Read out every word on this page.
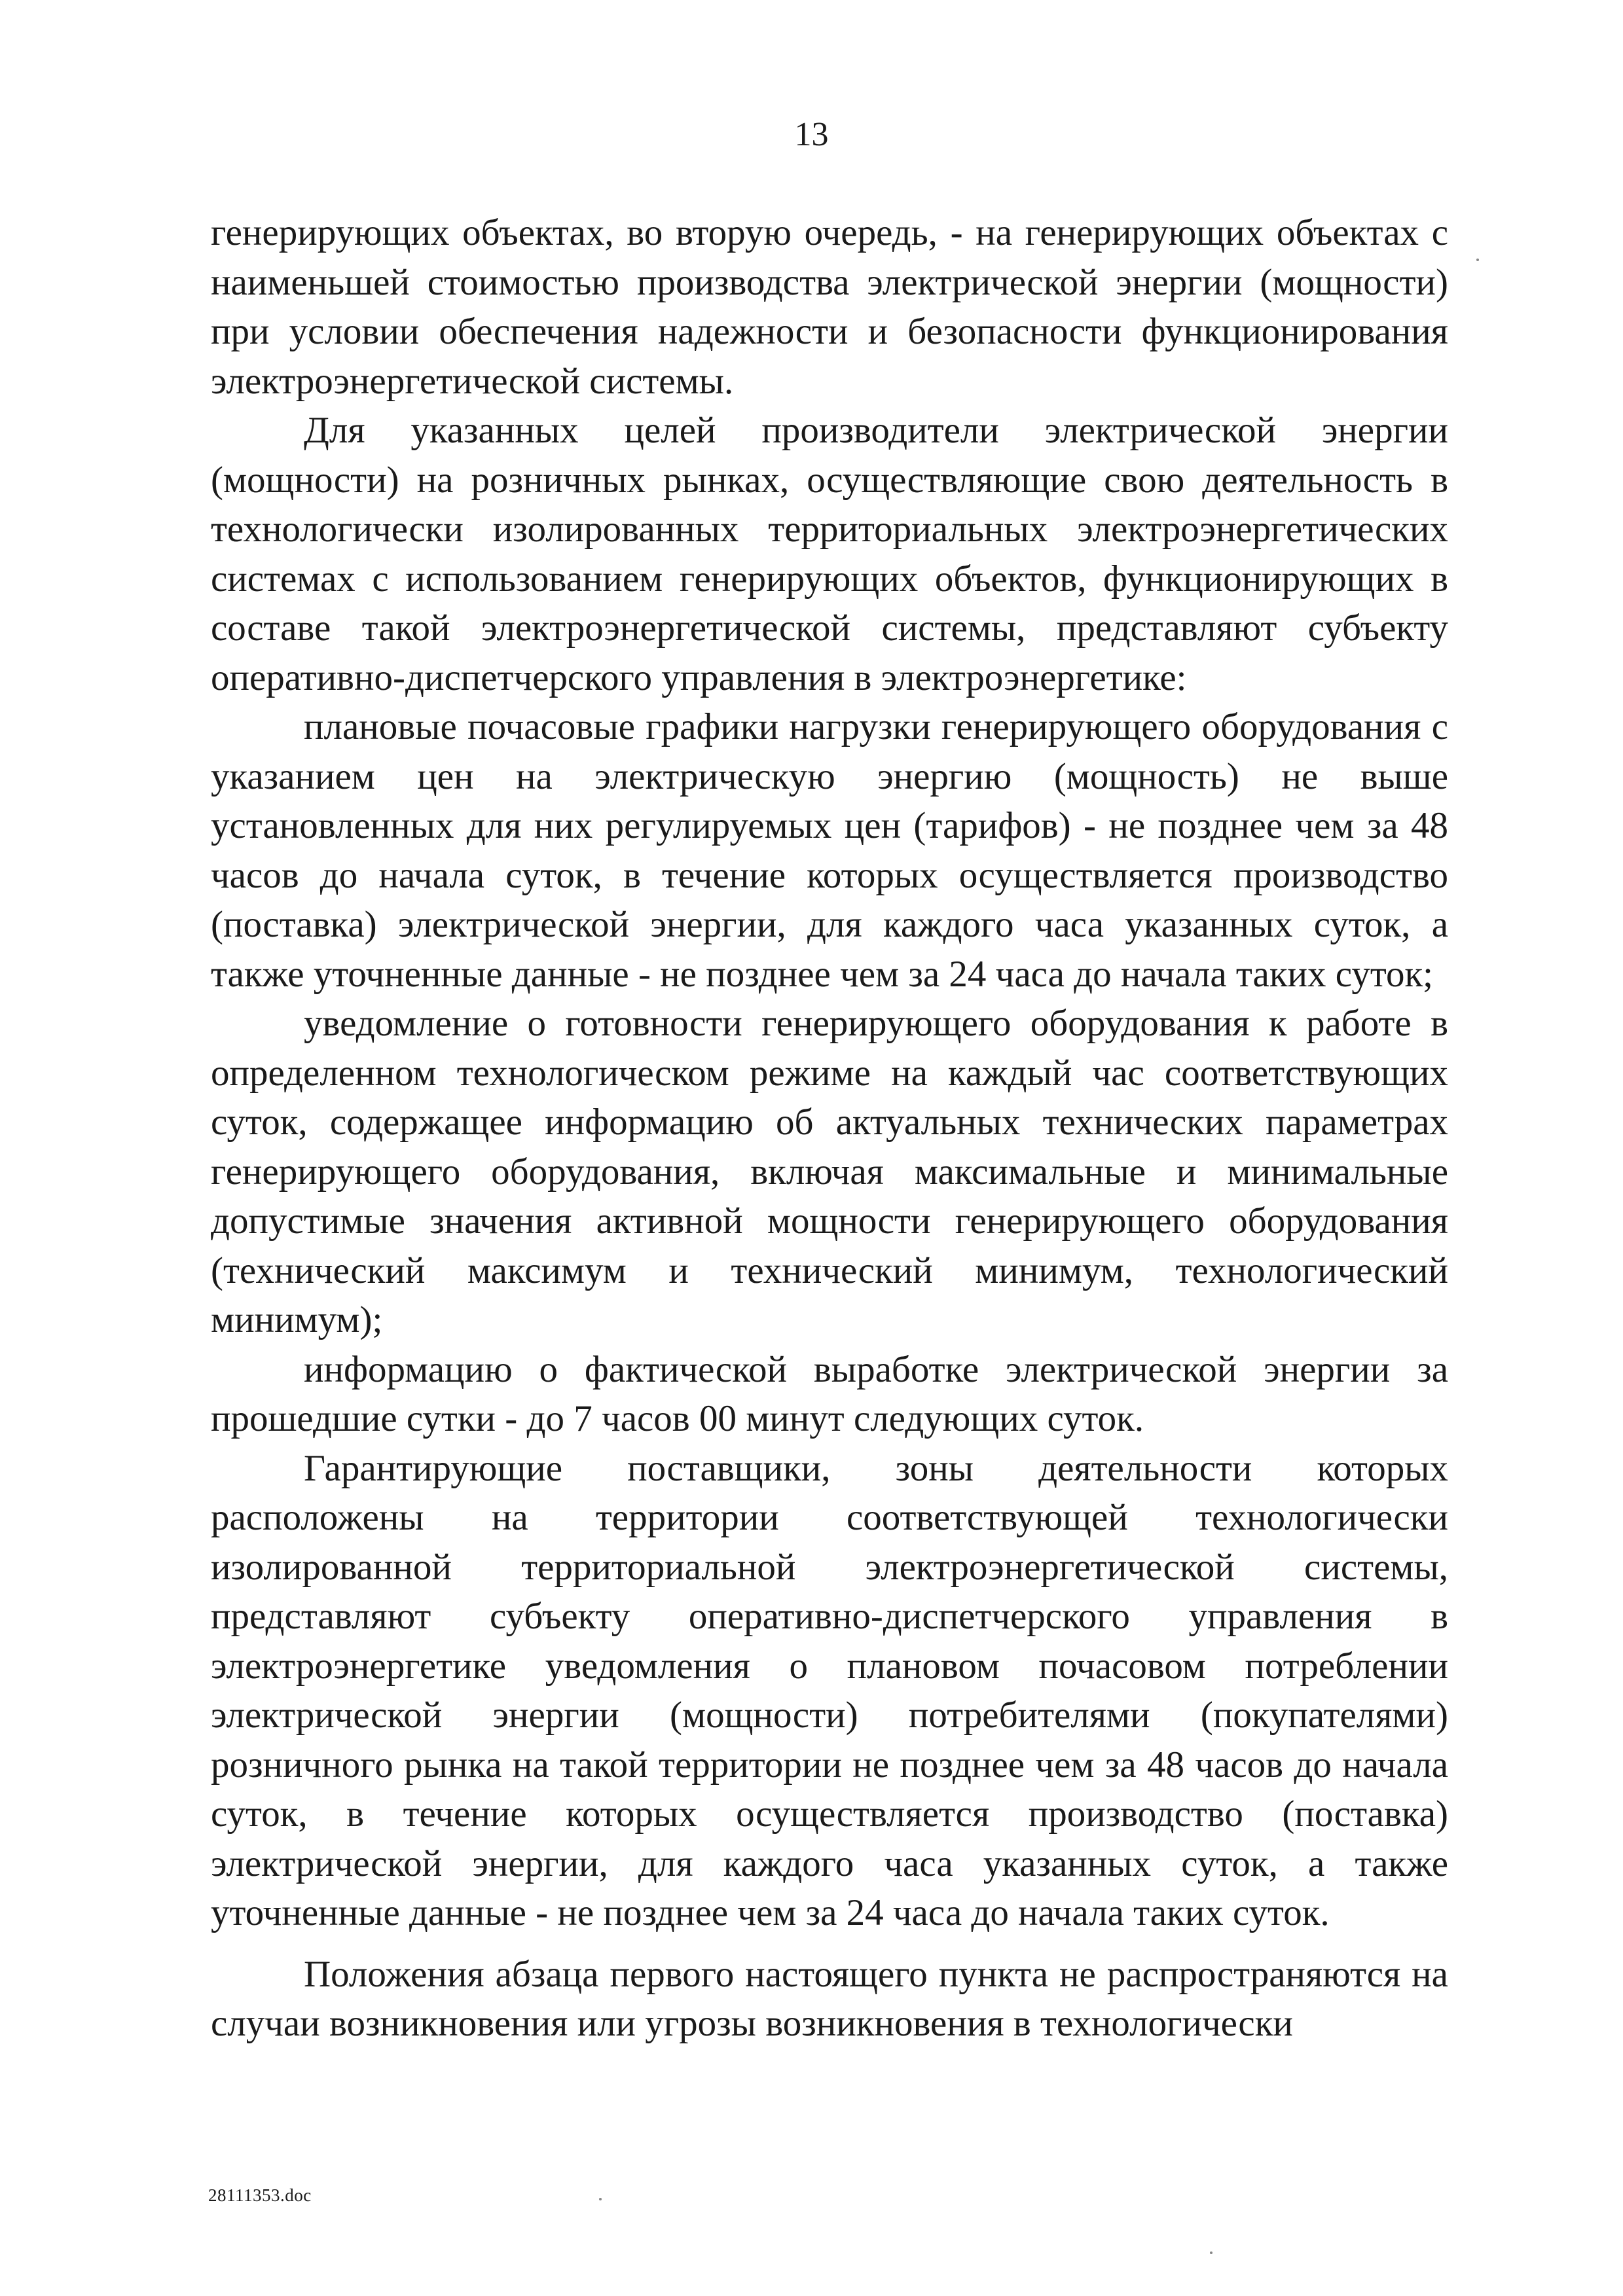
13

генерирующих объектах, во вторую очередь, - на генерирующих объектах с наименьшей стоимостью производства электрической энергии (мощности) при условии обеспечения надежности и безопасности функционирования электроэнергетической системы.

Для указанных целей производители электрической энергии (мощности) на розничных рынках, осуществляющие свою деятельность в технологически изолированных территориальных электроэнергетических системах с использованием генерирующих объектов, функционирующих в составе такой электроэнергетической системы, представляют субъекту оперативно-диспетчерского управления в электроэнергетике:

плановые почасовые графики нагрузки генерирующего оборудования с указанием цен на электрическую энергию (мощность) не выше установленных для них регулируемых цен (тарифов) - не позднее чем за 48 часов до начала суток, в течение которых осуществляется производство (поставка) электрической энергии, для каждого часа указанных суток, а также уточненные данные - не позднее чем за 24 часа до начала таких суток;

уведомление о готовности генерирующего оборудования к работе в определенном технологическом режиме на каждый час соответствующих суток, содержащее информацию об актуальных технических параметрах генерирующего оборудования, включая максимальные и минимальные допустимые значения активной мощности генерирующего оборудования (технический максимум и технический минимум, технологический минимум);

информацию о фактической выработке электрической энергии за прошедшие сутки - до 7 часов 00 минут следующих суток.

Гарантирующие поставщики, зоны деятельности которых расположены на территории соответствующей технологически изолированной территориальной электроэнергетической системы, представляют субъекту оперативно-диспетчерского управления в электроэнергетике уведомления о плановом почасовом потреблении электрической энергии (мощности) потребителями (покупателями) розничного рынка на такой территории не позднее чем за 48 часов до начала суток, в течение которых осуществляется производство (поставка) электрической энергии, для каждого часа указанных суток, а также уточненные данные - не позднее чем за 24 часа до начала таких суток.

Положения абзаца первого настоящего пункта не распространяются на случаи возникновения или угрозы возникновения в технологически

28111353.doc
